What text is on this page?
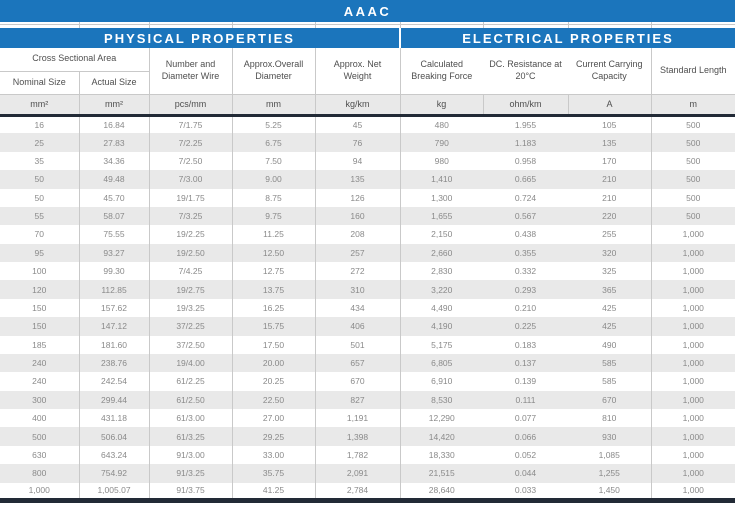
AAAC								

PHYSICAL PROPERTIES					ELECTRICAL PROPERTIES			
Cross Sectional Area		Number and Diameter Wire	Approx.Overall Diameter	Approx. Net Weight	Calculated Breaking Force	DC. Resistance at 20°C	Current Carrying Capacity	Standard Length
Nominal Size	Actual Size							
mm²	mm²	pcs/mm	mm	kg/km	kg	ohm/km	A	m
16	16.84	7/1.75	5.25	45	480	1.955	105	500
25	27.83	7/2.25	6.75	76	790	1.183	135	500
35	34.36	7/2.50	7.50	94	980	0.958	170	500
50	49.48	7/3.00	9.00	135	1,410	0.665	210	500
50	45.70	19/1.75	8.75	126	1,300	0.724	210	500
55	58.07	7/3.25	9.75	160	1,655	0.567	220	500
70	75.55	19/2.25	11.25	208	2,150	0.438	255	1,000
95	93.27	19/2.50	12.50	257	2,660	0.355	320	1,000
100	99.30	7/4.25	12.75	272	2,830	0.332	325	1,000
120	112.85	19/2.75	13.75	310	3,220	0.293	365	1,000
150	157.62	19/3.25	16.25	434	4,490	0.210	425	1,000
150	147.12	37/2.25	15.75	406	4,190	0.225	425	1,000
185	181.60	37/2.50	17.50	501	5,175	0.183	490	1,000
240	238.76	19/4.00	20.00	657	6,805	0.137	585	1,000
240	242.54	61/2.25	20.25	670	6,910	0.139	585	1,000
300	299.44	61/2.50	22.50	827	8,530	0.111	670	1,000
400	431.18	61/3.00	27.00	1,191	12,290	0.077	810	1,000
500	506.04	61/3.25	29.25	1,398	14,420	0.066	930	1,000
630	643.24	91/3.00	33.00	1,782	18,330	0.052	1,085	1,000
800	754.92	91/3.25	35.75	2,091	21,515	0.044	1,255	1,000
1,000	1,005.07	91/3.75	41.25	2,784	28,640	0.033	1,450	1,000
